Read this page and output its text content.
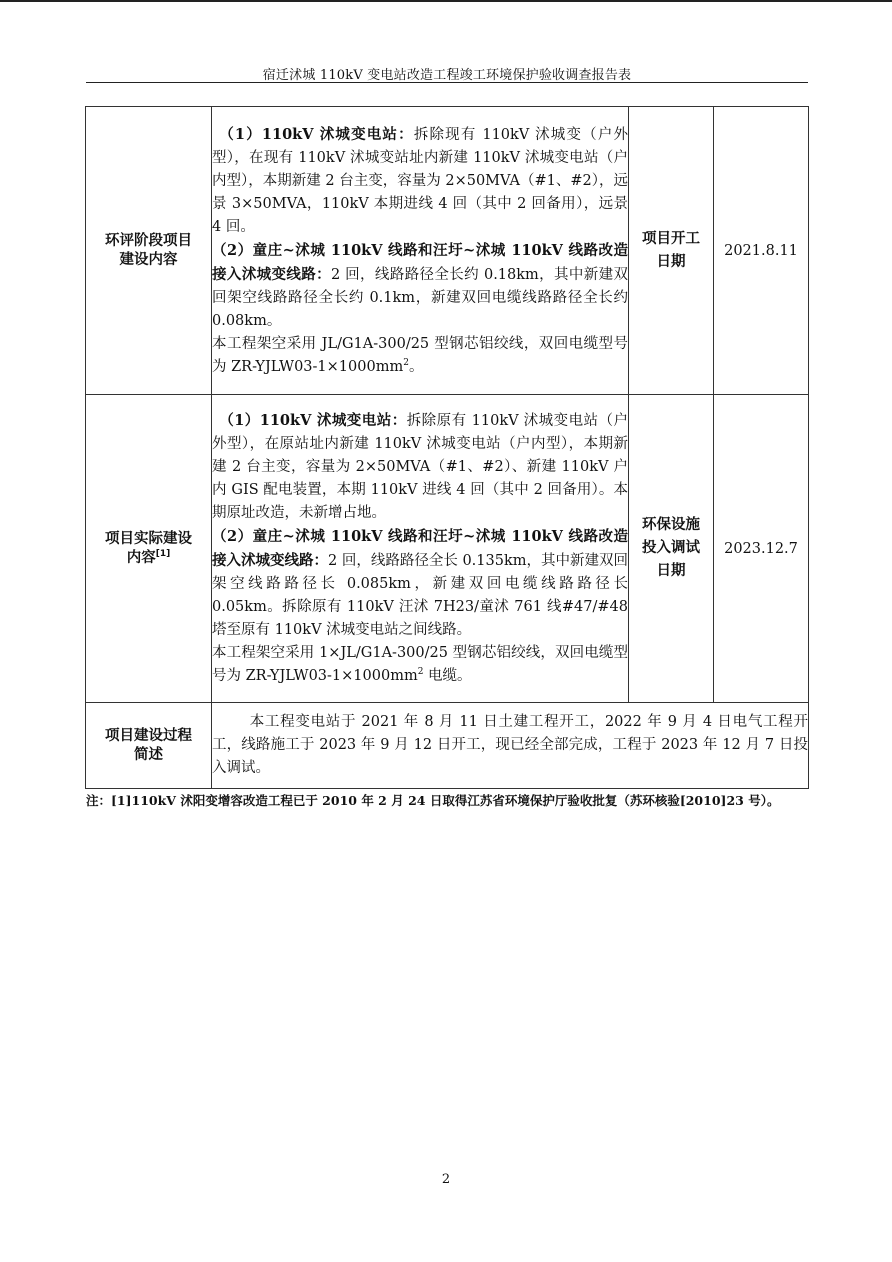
宿迁沭城 110kV 变电站改造工程竣工环境保护验收调查报告表
环评阶段项目建设内容	（1）110kV 沭城变电站：拆除现有 110kV 沭城变（户外型），在现有 110kV 沭城变站址内新建 110kV 沭城变电站（户内型），本期新建 2 台主变，容量为 2×50MVA（#1、#2），远景 3×50MVA，110kV 本期进线 4 回（其中 2 回备用），远景 4 回。
（2）童庄~沭城 110kV 线路和汪圩~沭城 110kV 线路改造接入沭城变线路：2 回，线路路径全长约 0.18km，其中新建双回架空线路路径全长约 0.1km，新建双回电缆线路路径全长约 0.08km。
本工程架空采用 JL/G1A-300/25 型钢芯铝绞线，双回电缆型号为 $ZR-YJLW03-1\times 1000mm^2$。	项目开工日期	2021.8.11

项目实际建设内容[1]	（1）110kV 沭城变电站：拆除原有 110kV 沭城变电站（户外型），在原站址内新建 110kV 沭城变电站（户内型），本期新建 2 台主变，容量为 2×50MVA（#1、#2）、新建 110kV 户内 GIS 配电装置，本期 110kV 进线 4 回（其中 2 回备用）。本期原址改造，未新增占地。
（2）童庄~沭城 110kV 线路和汪圩~沭城 110kV 线路改造接入沭城变线路：2 回，线路路径全长 0.135km，其中新建双回架空线路路径长 0.085km，新建双回电缆线路路径长 0.05km。拆除原有 110kV 汪沭 7H23/童沭 761 线#47/#48 塔至原有 110kV 沭城变电站之间线路。
本工程架空采用 1×JL/G1A-300/25 型钢芯铝绞线，双回电缆型号为 $ZR-YJLW03-1\times 1000mm^2$ 电缆。	环保设施投入调试日期	2023.12.7

项目建设过程简述	本工程变电站于 2021 年 8 月 11 日土建工程开工，2022 年 9 月 4 日电气工程开工，线路施工于 2023 年 9 月 12 日开工，现已经全部完成，工程于 2023 年 12 月 7 日投入调试。		
注：[1]110kV 沭阳变增容改造工程已于 2010 年 2 月 24 日取得江苏省环境保护厅验收批复（苏环核验[2010]23 号）。
2
